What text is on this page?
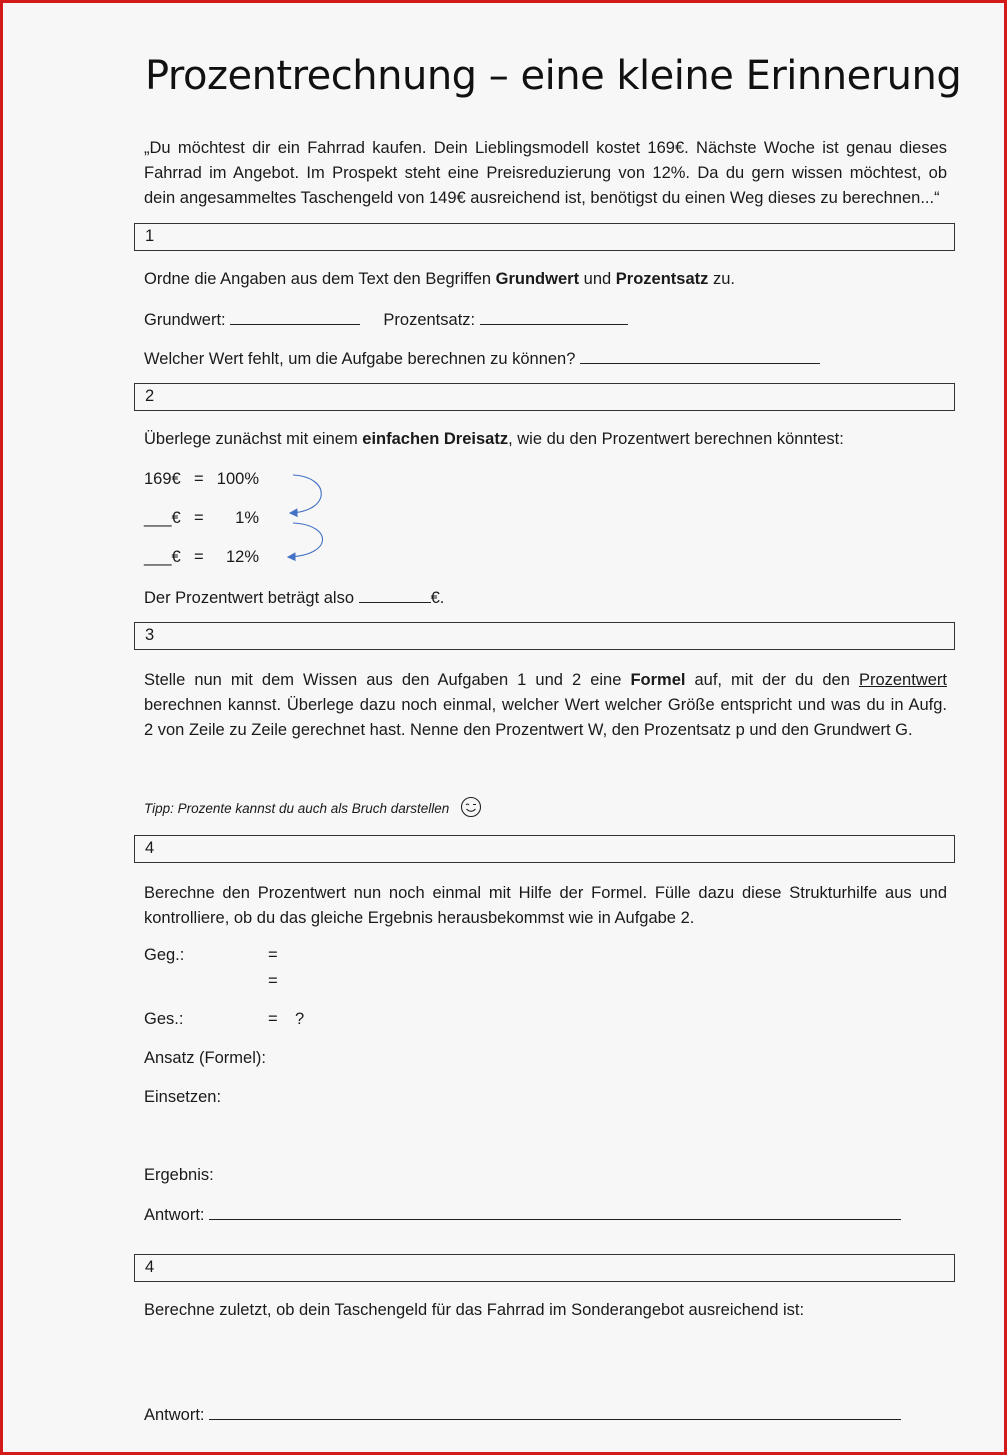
Prozentrechnung – eine kleine Erinnerung
„Du möchtest dir ein Fahrrad kaufen. Dein Lieblingsmodell kostet 169€. Nächste Woche ist genau dieses
Fahrrad im Angebot. Im Prospekt steht eine Preisreduzierung von 12%. Da du gern wissen möchtest, ob
dein angesammeltes Taschengeld von 149€ ausreichend ist, benötigst du einen Weg dieses zu berechnen...“
1
Ordne die Angaben aus dem Text den Begriffen Grundwert und Prozentsatz zu.
Grundwert:	Prozentsatz:
Welcher Wert fehlt, um die Aufgabe berechnen zu können?
2
Überlege zunächst mit einem einfachen Dreisatz, wie du den Prozentwert berechnen könntest:
169€ = 100%
___€ =	1%
___€ =	12%
Der Prozentwert beträgt also	€.
3
Stelle nun mit dem Wissen aus den Aufgaben 1 und 2 eine Formel auf, mit der du den Prozentwert
berechnen kannst. Überlege dazu noch einmal, welcher Wert welcher Größe entspricht und was du in Aufg.
2 von Zeile zu Zeile gerechnet hast. Nenne den Prozentwert W, den Prozentsatz p und den Grundwert G.
Tipp: Prozente kannst du auch als Bruch darstellen
4
Berechne den Prozentwert nun noch einmal mit Hilfe der Formel. Fülle dazu diese Strukturhilfe aus und
kontrolliere, ob du das gleiche Ergebnis herausbekommst wie in Aufgabe 2.
Geg.:	=
=
Ges.:	= ?
Ansatz (Formel):
Einsetzen:
Ergebnis:
Antwort:
4
Berechne zuletzt, ob dein Taschengeld für das Fahrrad im Sonderangebot ausreichend ist:
Antwort:
